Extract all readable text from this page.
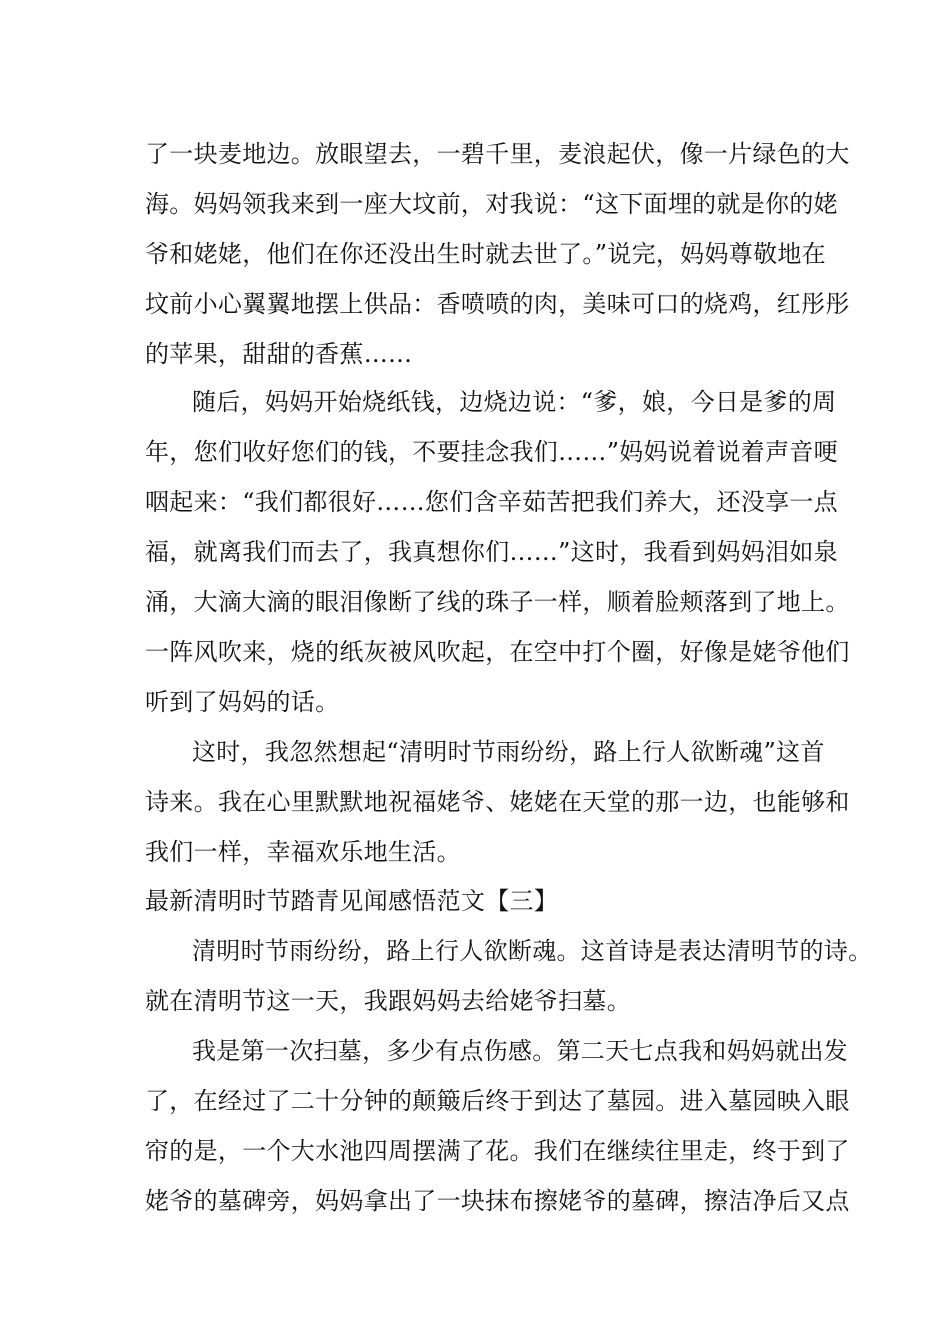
了一块麦地边。放眼望去，一碧千里，麦浪起伏，像一片绿色的大
海。妈妈领我来到一座大坟前，对我说：“这下面埋的就是你的姥
爷和姥姥，他们在你还没出生时就去世了。”说完，妈妈尊敬地在
坟前小心翼翼地摆上供品：香喷喷的肉，美味可口的烧鸡，红彤彤
的苹果，甜甜的香蕉……
随后，妈妈开始烧纸钱，边烧边说：“爹，娘，今日是爹的周
年，您们收好您们的钱，不要挂念我们……”妈妈说着说着声音哽
咽起来：“我们都很好……您们含辛茹苦把我们养大，还没享一点
福，就离我们而去了，我真想你们……”这时，我看到妈妈泪如泉
涌，大滴大滴的眼泪像断了线的珠子一样，顺着脸颊落到了地上。
一阵风吹来，烧的纸灰被风吹起，在空中打个圈，好像是姥爷他们
听到了妈妈的话。
这时，我忽然想起“清明时节雨纷纷，路上行人欲断魂”这首
诗来。我在心里默默地祝福姥爷、姥姥在天堂的那一边，也能够和
我们一样，幸福欢乐地生活。
最新清明时节踏青见闻感悟范文【三】
清明时节雨纷纷，路上行人欲断魂。这首诗是表达清明节的诗。
就在清明节这一天，我跟妈妈去给姥爷扫墓。
我是第一次扫墓，多少有点伤感。第二天七点我和妈妈就出发
了，在经过了二十分钟的颠簸后终于到达了墓园。进入墓园映入眼
帘的是，一个大水池四周摆满了花。我们在继续往里走，终于到了
姥爷的墓碑旁，妈妈拿出了一块抹布擦姥爷的墓碑，擦洁净后又点
